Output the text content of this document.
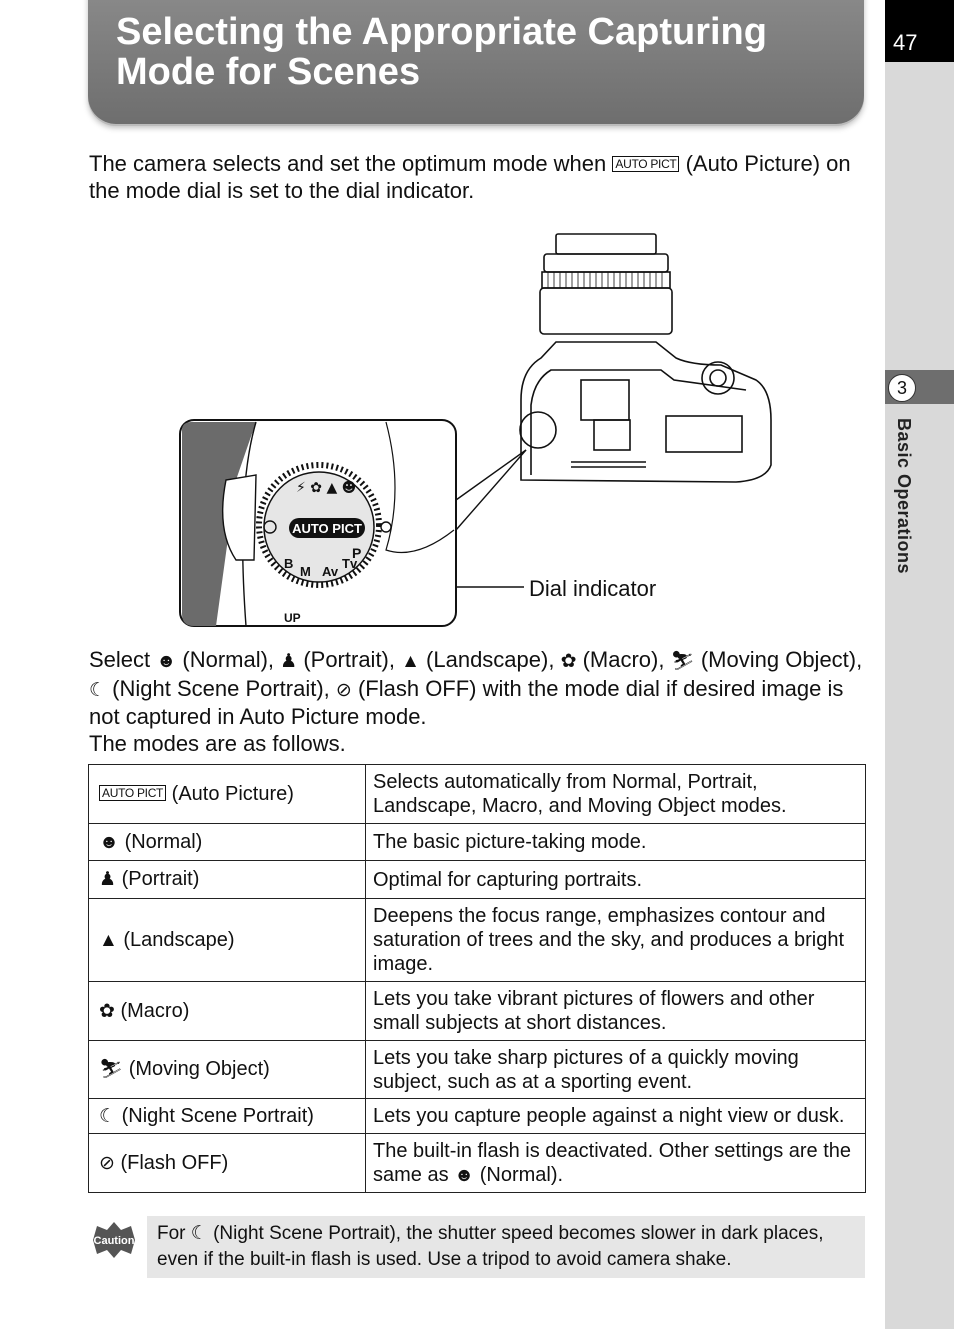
47
3
Basic Operations
Selecting the Appropriate Capturing Mode for Scenes
The camera selects and set the optimum mode when AUTO PICT (Auto Picture) on the mode dial is set to the dial indicator.
AUTO PICT
P
Tv
Av
M
B
⚡ ✿ ▲ ☻
UP
Dial indicator
Select ☻ (Normal), ♟ (Portrait), ▲ (Landscape), ✿ (Macro), ⛷ (Moving Object), ☾ (Night Scene Portrait), ⊘ (Flash OFF) with the mode dial if desired image is not captured in Auto Picture mode.
The modes are as follows.
AUTO PICT (Auto Picture)	Selects automatically from Normal, Portrait, Landscape, Macro, and Moving Object modes.
☻ (Normal)	The basic picture-taking mode.
♟ (Portrait)	Optimal for capturing portraits.
▲ (Landscape)	Deepens the focus range, emphasizes contour and saturation of trees and the sky, and produces a bright image.
✿ (Macro)	Lets you take vibrant pictures of flowers and other small subjects at short distances.
⛷ (Moving Object)	Lets you take sharp pictures of a quickly moving subject, such as at a sporting event.
☾ (Night Scene Portrait)	Lets you capture people against a night view or dusk.
⊘ (Flash OFF)	The built-in flash is deactivated. Other settings are the same as ☻ (Normal).
Caution For ☾ (Night Scene Portrait), the shutter speed becomes slower in dark places, even if the built-in flash is used. Use a tripod to avoid camera shake.
